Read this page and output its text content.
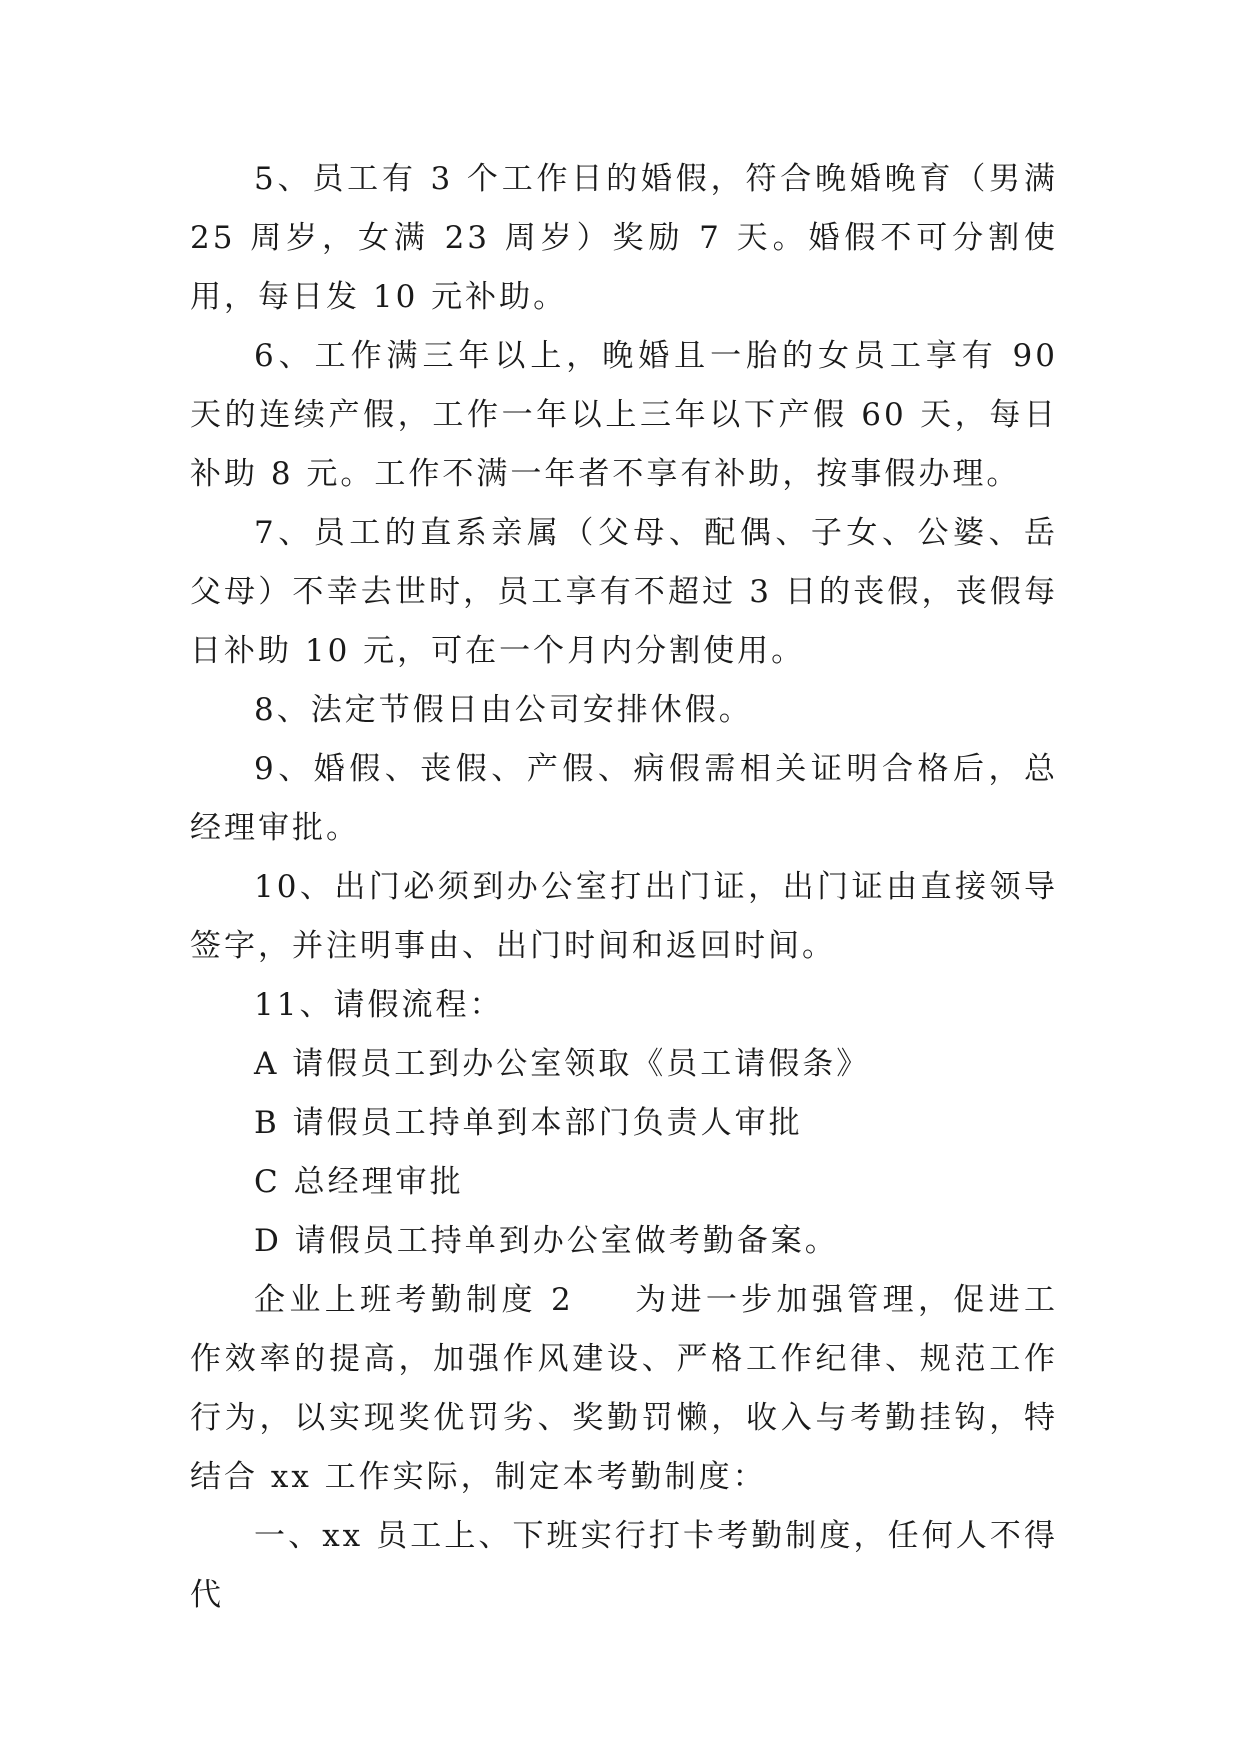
5、员工有 3 个工作日的婚假，符合晚婚晚育（男满 25 周岁，女满 23 周岁）奖励 7 天。婚假不可分割使用，每日发 10 元补助。

6、工作满三年以上，晚婚且一胎的女员工享有 90 天的连续产假，工作一年以上三年以下产假 60 天，每日补助 8 元。工作不满一年者不享有补助，按事假办理。

7、员工的直系亲属（父母、配偶、子女、公婆、岳父母）不幸去世时，员工享有不超过 3 日的丧假，丧假每日补助 10 元，可在一个月内分割使用。

8、法定节假日由公司安排休假。

9、婚假、丧假、产假、病假需相关证明合格后，总经理审批。

10、出门必须到办公室打出门证，出门证由直接领导签字，并注明事由、出门时间和返回时间。

11、请假流程：

A 请假员工到办公室领取《员工请假条》

B 请假员工持单到本部门负责人审批

C 总经理审批

D 请假员工持单到办公室做考勤备案。

企业上班考勤制度 2 为进一步加强管理，促进工作效率的提高，加强作风建设、严格工作纪律、规范工作行为，以实现奖优罚劣、奖勤罚懒，收入与考勤挂钩，特结合 xx 工作实际，制定本考勤制度：

一、xx 员工上、下班实行打卡考勤制度，任何人不得代
